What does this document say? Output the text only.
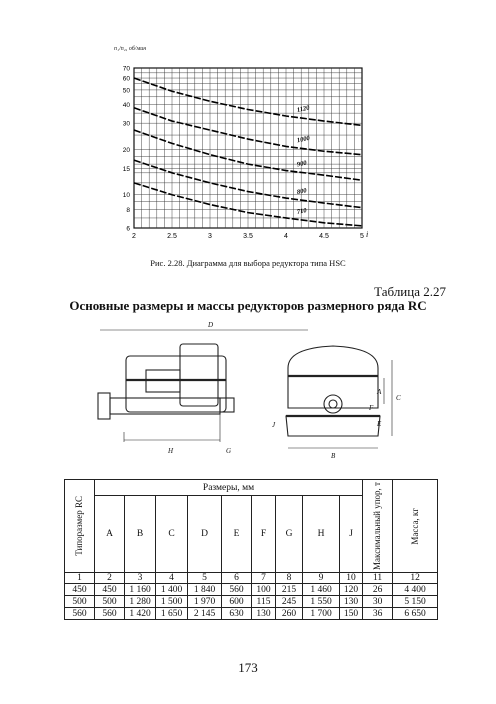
n₁/n₂, об/мин
1120
1000
900
800
710
2	2.5	3	3.5	4	4.5	5
70
60
50
40
30
20
15
10
8
6
i
Рис. 2.28. Диаграмма для выбора редуктора типа HSC
Таблица 2.27
Основные размеры и массы редукторов размерного ряда RC
D
H	G
C
A
E
F
J
B
Типоразмер RC	Размеры, мм									Максимальный упор, т	Масса, кг

	A	B	C	D	E	F	G	H	J		
1	2	3	4	5	6	7	8	9	10	11	12
450	450	1 160	1 400	1 840	560	100	215	1 460	120	26	4 400
500	500	1 280	1 500	1 970	600	115	245	1 550	130	30	5 150
560	560	1 420	1 650	2 145	630	130	260	1 700	150	36	6 650
173
